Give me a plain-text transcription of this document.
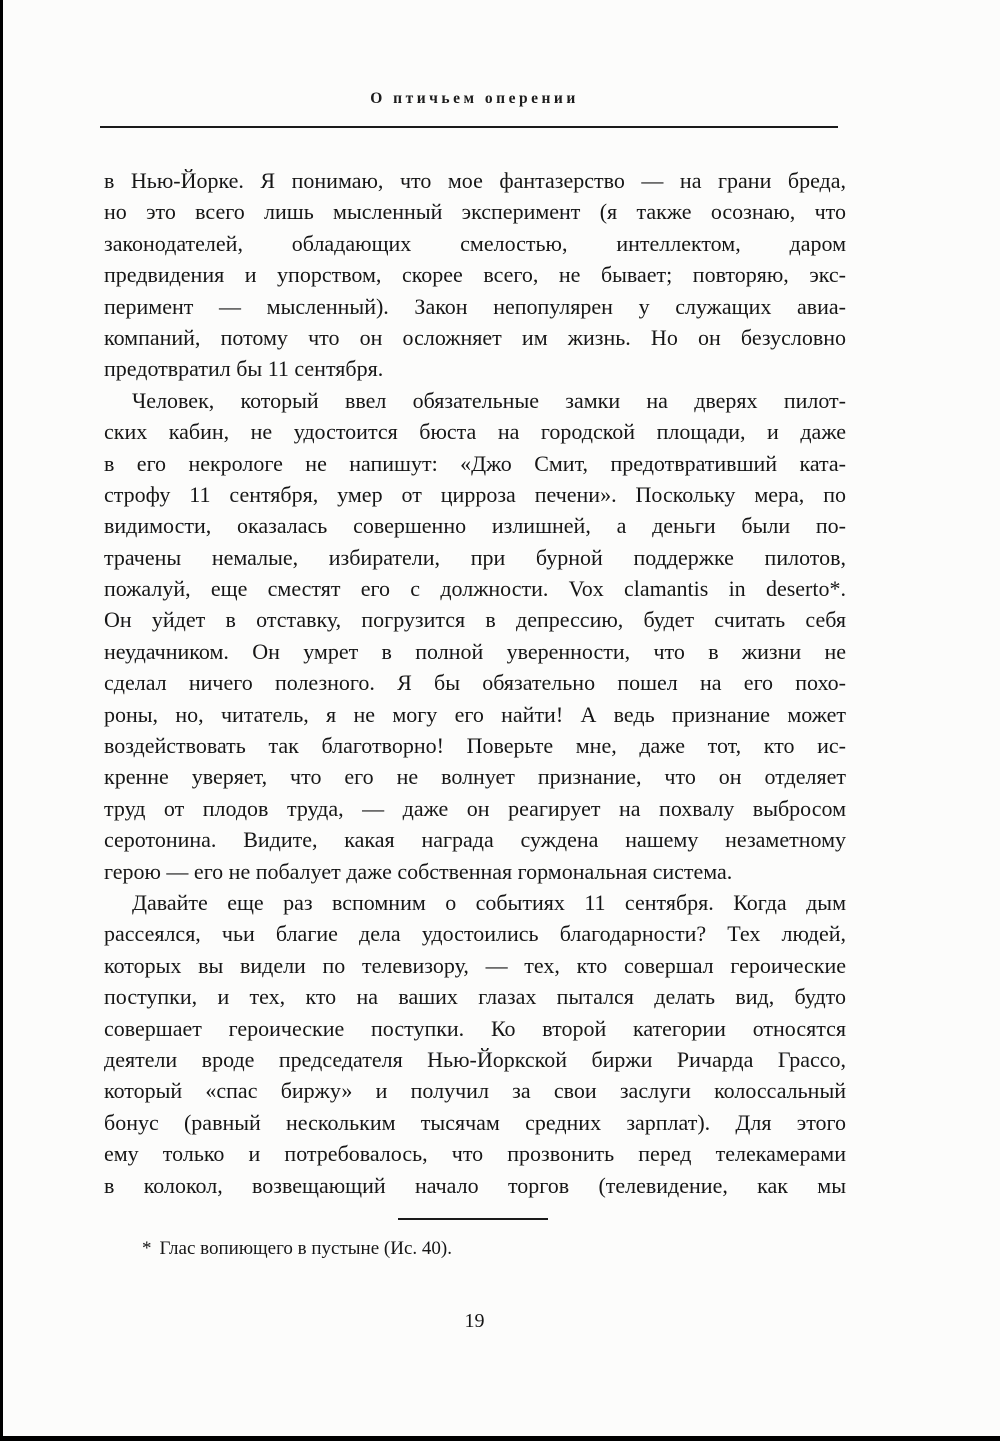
О птичьем оперении
в Нью-Йорке. Я понимаю, что мое фантазерство — на грани бреда,
но это всего лишь мысленный эксперимент (я также осознаю, что
законодателей, обладающих смелостью, интеллектом, даром
предвидения и упорством, скорее всего, не бывает; повторяю, экс-
перимент — мысленный). Закон непопулярен у служащих авиа-
компаний, потому что он осложняет им жизнь. Но он безусловно
предотвратил бы 11 сентября.
Человек, который ввел обязательные замки на дверях пилот-
ских кабин, не удостоится бюста на городской площади, и даже
в его некрологе не напишут: «Джо Смит, предотвративший ката-
строфу 11 сентября, умер от цирроза печени». Поскольку мера, по
видимости, оказалась совершенно излишней, а деньги были по-
трачены немалые, избиратели, при бурной поддержке пилотов,
пожалуй, еще сместят его с должности. Vox clamantis in deserto*.
Он уйдет в отставку, погрузится в депрессию, будет считать себя
неудачником. Он умрет в полной уверенности, что в жизни не
сделал ничего полезного. Я бы обязательно пошел на его похо-
роны, но, читатель, я не могу его найти! А ведь признание может
воздействовать так благотворно! Поверьте мне, даже тот, кто ис-
кренне уверяет, что его не волнует признание, что он отделяет
труд от плодов труда, — даже он реагирует на похвалу выбросом
серотонина. Видите, какая награда суждена нашему незаметному
герою — его не побалует даже собственная гормональная система.
Давайте еще раз вспомним о событиях 11 сентября. Когда дым
рассеялся, чьи благие дела удостоились благодарности? Тех людей,
которых вы видели по телевизору, — тех, кто совершал героические
поступки, и тех, кто на ваших глазах пытался делать вид, будто
совершает героические поступки. Ко второй категории относятся
деятели вроде председателя Нью-Йоркской биржи Ричарда Грассо,
который «спас биржу» и получил за свои заслуги колоссальный
бонус (равный нескольким тысячам средних зарплат). Для этого
ему только и потребовалось, что прозвонить перед телекамерами
в колокол, возвещающий начало торгов (телевидение, как мы
* Глас вопиющего в пустыне (Ис. 40).
19
